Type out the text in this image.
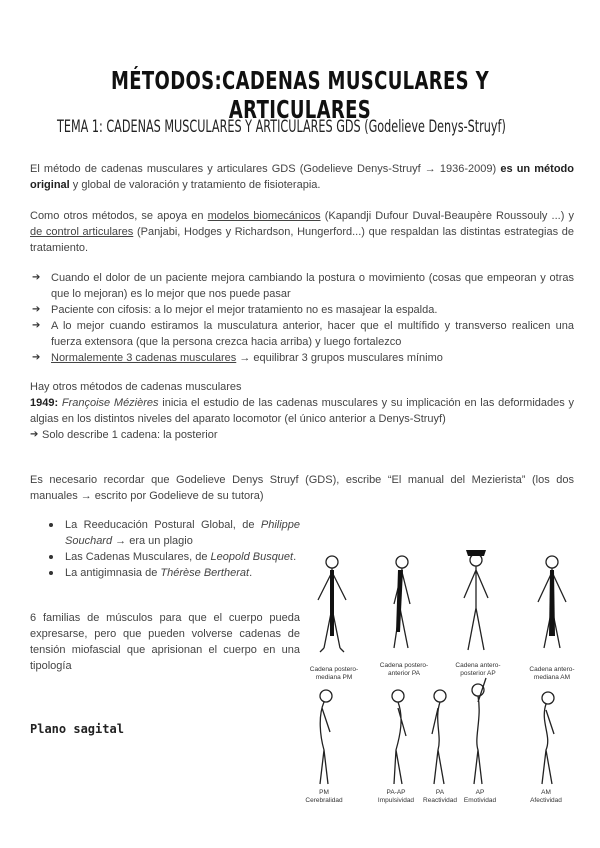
MÉTODOS:CADENAS MUSCULARES Y ARTICULARES
TEMA 1: CADENAS MUSCULARES Y ARTICULARES GDS (Godelieve Denys-Struyf)
El método de cadenas musculares y articulares GDS (Godelieve Denys-Struyf → 1936-2009) es un método original y global de valoración y tratamiento de fisioterapia.
Como otros métodos, se apoya en modelos biomecánicos (Kapandji Dufour Duval-Beaupère Roussouly ...) y de control articulares (Panjabi, Hodges y Richardson, Hungerford...) que respaldan las distintas estrategias de tratamiento.
➔ Cuando el dolor de un paciente mejora cambiando la postura o movimiento (cosas que empeoran y otras que lo mejoran) es lo mejor que nos puede pasar
➔ Paciente con cifosis: a lo mejor el mejor tratamiento no es masajear la espalda.
➔ A lo mejor cuando estiramos la musculatura anterior, hacer que el multífido y transverso realicen una fuerza extensora (que la persona crezca hacia arriba) y luego fortalezco
➔ Normalemente 3 cadenas musculares → equilibrar 3 grupos musculares mínimo
Hay otros métodos de cadenas musculares
1949: Françoise Mézières inicia el estudio de las cadenas musculares y su implicación en las deformidades y algias en los distintos niveles del aparato locomotor (el único anterior a Denys-Struyf)
➔ Solo describe 1 cadena: la posterior
Es necesario recordar que Godelieve Denys Struyf (GDS), escribe “El manual del Mezierista” (los dos manuales → escrito por Godelieve de su tutora)
La Reeducación Postural Global, de Philippe Souchard → era un plagio
Las Cadenas Musculares, de Leopold Busquet.
La antigimnasia de Thérèse Bertherat.
6 familias de músculos para que el cuerpo pueda expresarse, pero que pueden volverse cadenas de tensión miofascial que aprisionan el cuerpo en una tipología
Plano sagital
Cadena postero-
mediana PM
Cadena postero-
anterior PA
Cadena antero-
posterior AP
Cadena antero-
mediana AM
PM
Cerebralidad
PA-AP
Impulsividad
PA
Reactividad
AP
Emotividad
AM
Afectividad
